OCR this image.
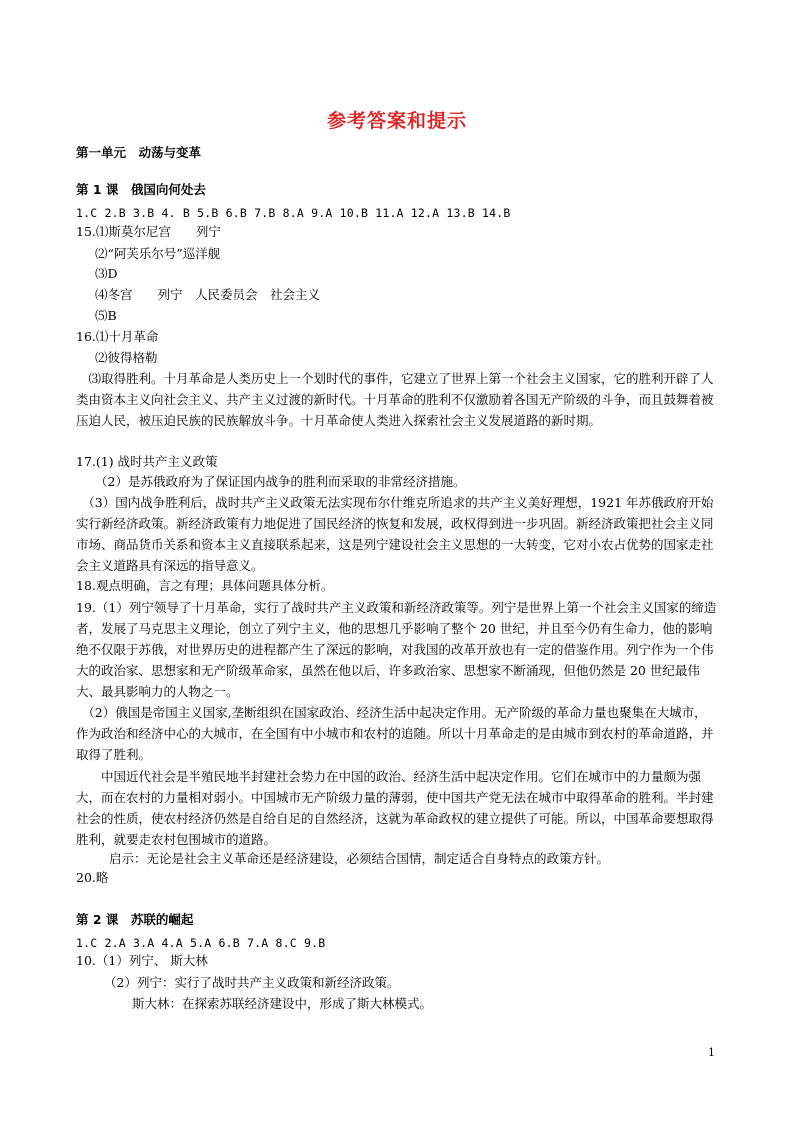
参考答案和提示
第一单元　动荡与变革
第 1 课　俄国向何处去
1.C 2.B 3.B 4. B 5.B 6.B 7.B 8.A 9.A 10.B 11.A 12.A 13.B 14.B
15.⑴斯莫尔尼宫　　列宁
⑵“阿芙乐尔号”巡洋舰
⑶D
⑷冬宫　　列宁　人民委员会　社会主义
⑸B
16.⑴十月革命
⑵彼得格勒
　⑶取得胜利。十月革命是人类历史上一个划时代的事件，它建立了世界上第一个社会主义国家，它的胜利开辟了人类由资本主义向社会主义、共产主义过渡的新时代。十月革命的胜利不仅激励着各国无产阶级的斗争，而且鼓舞着被压迫人民，被压迫民族的民族解放斗争。十月革命使人类进入探索社会主义发展道路的新时期。
17.(1) 战时共产主义政策
（2）是苏俄政府为了保证国内战争的胜利而采取的非常经济措施。
　（3）国内战争胜利后，战时共产主义政策无法实现布尔什维克所追求的共产主义美好理想，1921 年苏俄政府开始实行新经济政策。新经济政策有力地促进了国民经济的恢复和发展，政权得到进一步巩固。新经济政策把社会主义同市场、商品货币关系和资本主义直接联系起来，这是列宁建设社会主义思想的一大转变，它对小农占优势的国家走社会主义道路具有深远的指导意义。
18.观点明确，言之有理；具体问题具体分析。
19.（1）列宁领导了十月革命，实行了战时共产主义政策和新经济政策等。列宁是世界上第一个社会主义国家的缔造者，发展了马克思主义理论，创立了列宁主义，他的思想几乎影响了整个 20 世纪，并且至今仍有生命力，他的影响绝不仅限于苏俄，对世界历史的进程都产生了深远的影响，对我国的改革开放也有一定的借鉴作用。列宁作为一个伟大的政治家、思想家和无产阶级革命家，虽然在他以后，许多政治家、思想家不断涌现，但他仍然是 20 世纪最伟大、最具影响力的人物之一。
　（2）俄国是帝国主义国家,垄断组织在国家政治、经济生活中起决定作用。无产阶级的革命力量也聚集在大城市，作为政治和经济中心的大城市，在全国有中小城市和农村的追随。所以十月革命走的是由城市到农村的革命道路，并取得了胜利。
　　中国近代社会是半殖民地半封建社会势力在中国的政治、经济生活中起决定作用。它们在城市中的力量颇为强大，而在农村的力量相对弱小。中国城市无产阶级力量的薄弱，使中国共产党无法在城市中取得革命的胜利。半封建社会的性质，使农村经济仍然是自给自足的自然经济，这就为革命政权的建立提供了可能。所以，中国革命要想取得胜利，就要走农村包围城市的道路。
启示：无论是社会主义革命还是经济建设，必须结合国情，制定适合自身特点的政策方针。
20.略
第 2 课　苏联的崛起
1.C 2.A 3.A 4.A 5.A 6.B 7.A 8.C 9.B
10.（1）列宁、 斯大林
（2）列宁：实行了战时共产主义政策和新经济政策。
斯大林：在探索苏联经济建设中，形成了斯大林模式。
1
